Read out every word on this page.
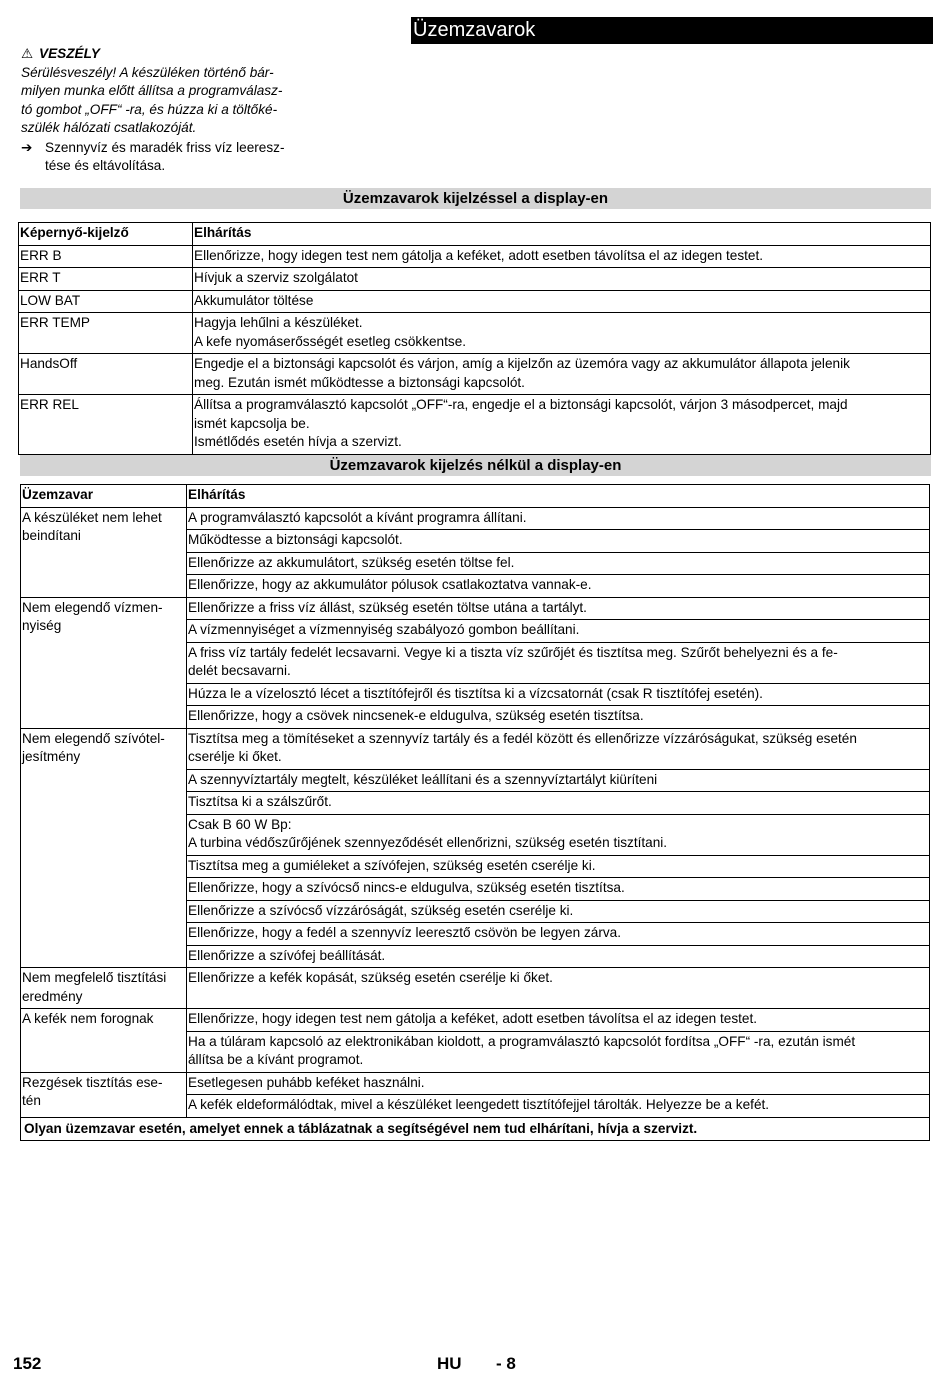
Üzemzavarok
⚠ VESZÉLY
Sérülésveszély! A készüléken történő bár-
milyen munka előtt állítsa a programválasz-
tó gombot „OFF“ -ra, és húzza ki a töltőké-
szülék hálózati csatlakozóját.
➔ Szennyvíz és maradék friss víz leeresz-
tése és eltávolítása.
Üzemzavarok kijelzéssel a display-en
Képernyő-kijelző	Elhárítás
ERR B	Ellenőrizze, hogy idegen test nem gátolja a keféket, adott esetben távolítsa el az idegen testet.

ERR T	Hívjuk a szerviz szolgálatot

LOW BAT	Akkumulátor töltése

ERR TEMP	Hagyja lehűlni a készüléket.
A kefe nyomáserősségét esetleg csökkentse.

HandsOff	Engedje el a biztonsági kapcsolót és várjon, amíg a kijelzőn az üzemóra vagy az akkumulátor állapota jelenik
meg. Ezután ismét működtesse a biztonsági kapcsolót.

ERR REL	Állítsa a programválasztó kapcsolót „OFF“-ra, engedje el a biztonsági kapcsolót, várjon 3 másodpercet, majd
ismét kapcsolja be.
Ismétlődés esetén hívja a szervizt.
Üzemzavarok kijelzés nélkül a display-en
Üzemzavar	Elhárítás

A készüléket nem lehet
beindítani	A programválasztó kapcsolót a kívánt programra állítani.

	Működtesse a biztonsági kapcsolót.

	Ellenőrizze az akkumulátort, szükség esetén töltse fel.

	Ellenőrizze, hogy az akkumulátor pólusok csatlakoztatva vannak-e.

Nem elegendő vízmen-
nyiség	Ellenőrizze a friss víz állást, szükség esetén töltse utána a tartályt.

	A vízmennyiséget a vízmennyiség szabályozó gombon beállítani.

	A friss víz tartály fedelét lecsavarni. Vegye ki a tiszta víz szűrőjét és tisztítsa meg. Szűrőt behelyezni és a fe-
delét becsavarni.

	Húzza le a vízelosztó lécet a tisztítófejről és tisztítsa ki a vízcsatornát (csak R tisztítófej esetén).

	Ellenőrizze, hogy a csövek nincsenek-e eldugulva, szükség esetén tisztítsa.

Nem elegendő szívótel-
jesítmény	Tisztítsa meg a tömítéseket a szennyvíz tartály és a fedél között és ellenőrizze vízzáróságukat, szükség esetén
cserélje ki őket.

	A szennyvíztartály megtelt, készüléket leállítani és a szennyvíztartályt kiüríteni

	Tisztítsa ki a szálszűrőt.

	Csak B 60 W Bp:
A turbina védőszűrőjének szennyeződését ellenőrizni, szükség esetén tisztítani.

	Tisztítsa meg a gumiéleket a szívófejen, szükség esetén cserélje ki.

	Ellenőrizze, hogy a szívócső nincs-e eldugulva, szükség esetén tisztítsa.

	Ellenőrizze a szívócső vízzáróságát, szükség esetén cserélje ki.

	Ellenőrizze, hogy a fedél a szennyvíz leeresztő csövön be legyen zárva.

	Ellenőrizze a szívófej beállítását.

Nem megfelelő tisztítási
eredmény	Ellenőrizze a kefék kopását, szükség esetén cserélje ki őket.

A kefék nem forognak	Ellenőrizze, hogy idegen test nem gátolja a keféket, adott esetben távolítsa el az idegen testet.

	Ha a túláram kapcsoló az elektronikában kioldott, a programválasztó kapcsolót fordítsa „OFF“ -ra, ezután ismét
állítsa be a kívánt programot.

Rezgések tisztítás ese-
tén	Esetlegesen puhább keféket használni.

	A kefék eldeformálódtak, mivel a készüléket leengedett tisztítófejjel tárolták. Helyezze be a kefét.

Olyan üzemzavar esetén, amelyet ennek a táblázatnak a segítségével nem tud elhárítani, hívja a szervizt.	
152	HU - 8
